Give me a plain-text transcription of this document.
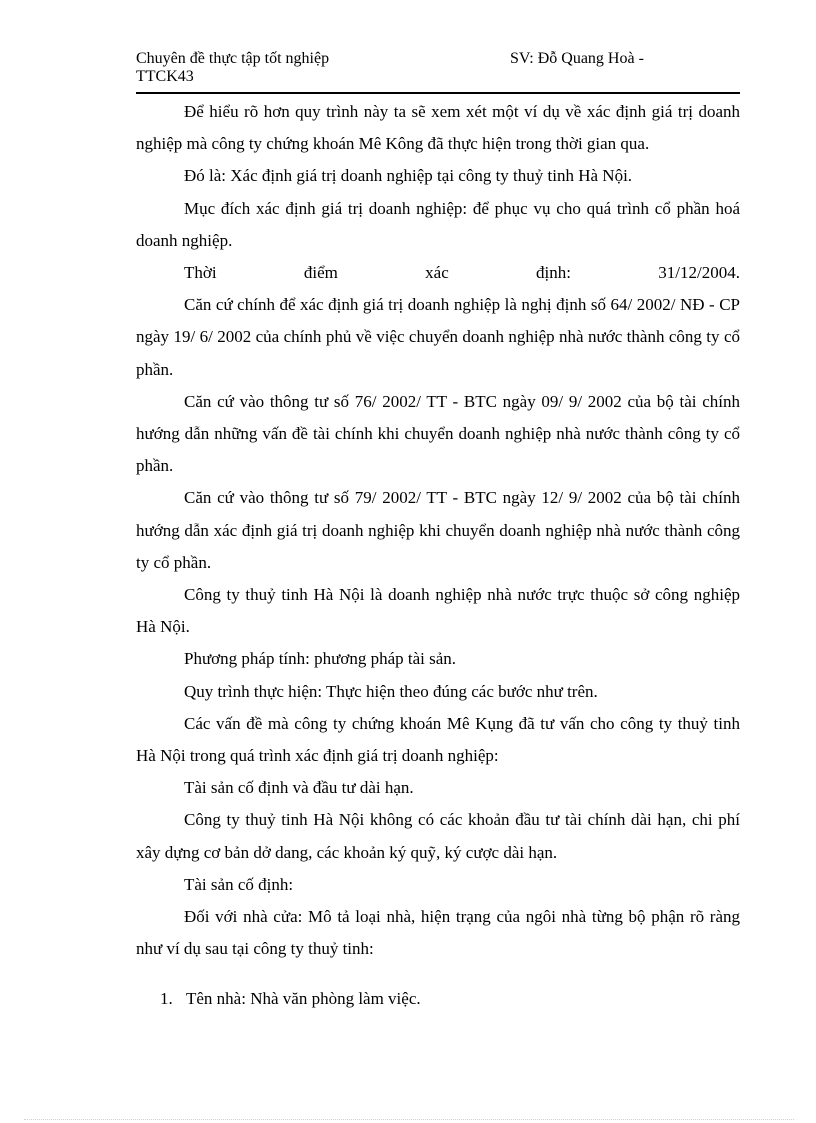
Chuyên đề thực tập tốt nghiệp	SV: Đỗ Quang Hoà -
TTCK43

Để hiểu rõ hơn quy trình này ta sẽ xem xét một ví dụ về xác định giá trị doanh nghiệp mà công ty chứng khoán Mê Kông đã thực hiện trong thời gian qua.

Đó là: Xác định giá trị doanh nghiệp tại công ty thuỷ tinh Hà Nội.

Mục đích xác định giá trị doanh nghiệp: để phục vụ cho quá trình cổ phần hoá doanh nghiệp.

Thời điểm xác định: 31/12/2004.

Căn cứ chính để xác định giá trị doanh nghiệp là nghị định số 64/ 2002/ NĐ - CP ngày 19/ 6/ 2002 của chính phủ về việc chuyển doanh nghiệp nhà nước thành công ty cổ phần.

Căn cứ vào thông tư số 76/ 2002/ TT - BTC ngày 09/ 9/ 2002 của bộ tài chính hướng dẫn những vấn đề tài chính khi chuyển doanh nghiệp nhà nước thành công ty cổ phần.

Căn cứ vào thông tư số 79/ 2002/ TT - BTC ngày 12/ 9/ 2002 của bộ tài chính hướng dẫn xác định giá trị doanh nghiệp khi chuyển doanh nghiệp nhà nước thành công ty cổ phần.

Công ty thuỷ tinh Hà Nội là doanh nghiệp nhà nước trực thuộc sở công nghiệp Hà Nội.

Phương pháp tính: phương pháp tài sản.

Quy trình thực hiện: Thực hiện theo đúng các bước như trên.

Các vấn đề mà công ty chứng khoán Mê Kụng đã tư vấn cho công ty thuỷ tinh Hà Nội trong quá trình xác định giá trị doanh nghiệp:

Tài sản cố định và đầu tư dài hạn.

Công ty thuỷ tinh Hà Nội không có các khoản đầu tư tài chính dài hạn, chi phí xây dựng cơ bản dở dang, các khoản ký quỹ, ký cược dài hạn.

Tài sản cố định:

Đối với nhà cửa: Mô tả loại nhà, hiện trạng của ngôi nhà từng bộ phận rõ ràng như ví dụ sau tại công ty thuỷ tinh:

1. Tên nhà: Nhà văn phòng làm việc.
